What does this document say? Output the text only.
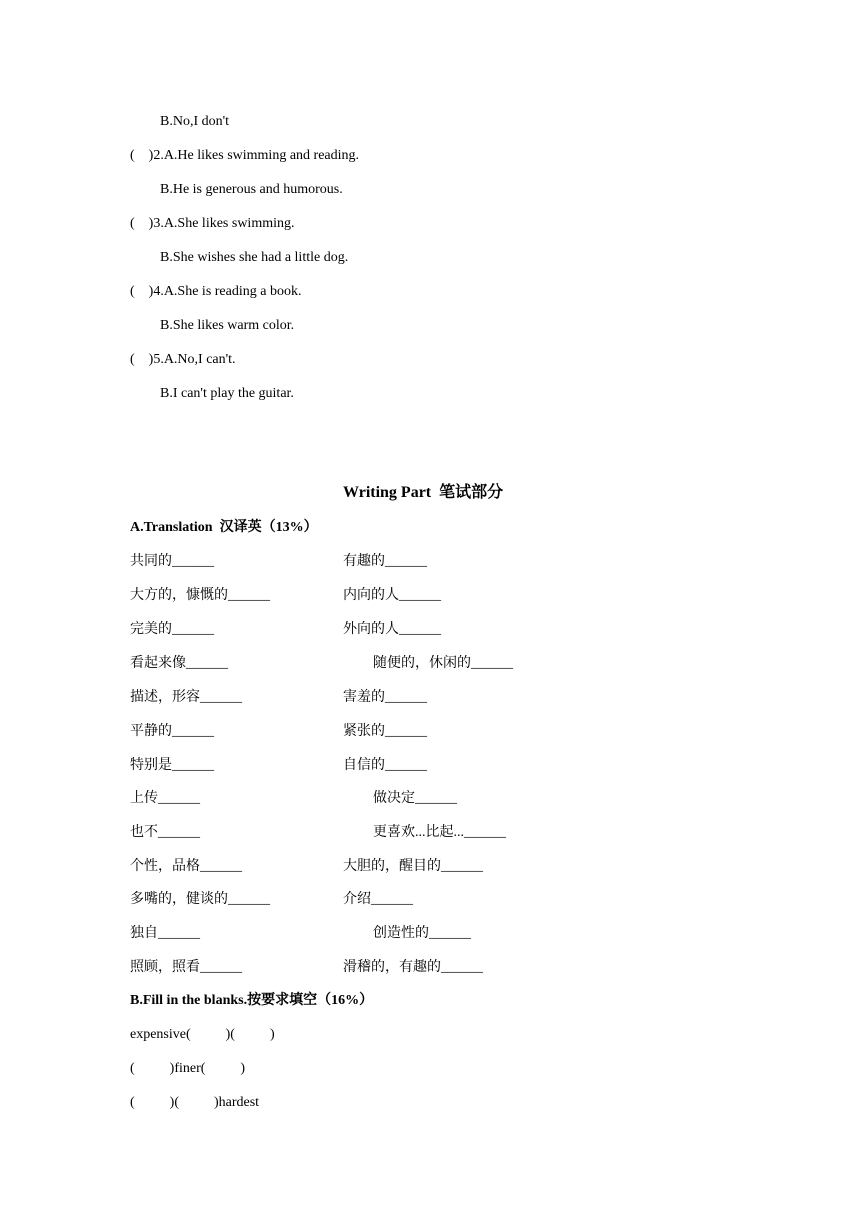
B.No,I don't
(    )2.A.He likes swimming and reading.
B.He is generous and humorous.
(    )3.A.She likes swimming.
B.She wishes she had a little dog.
(    )4.A.She is reading a book.
B.She likes warm color.
(    )5.A.No,I can't.
B.I can't play the guitar.
Writing Part  笔试部分
A.Translation  汉译英（13%）
共同的______	有趣的______
大方的，慷慨的______	内向的人______
完美的______	外向的人______
看起来像______	随便的，休闲的______
描述，形容______	害羞的______
平静的______	紧张的______
特别是______	自信的______
上传______	做决定______
也不______	更喜欢...比起...______
个性，品格______	大胆的，醒目的______
多嘴的，健谈的______	介绍______
独自______	创造性的______
照顾，照看______	滑稽的，有趣的______
B.Fill in the blanks.按要求填空（16%）
expensive(          )(          )
(          )finer(          )
(          )(          )hardest
